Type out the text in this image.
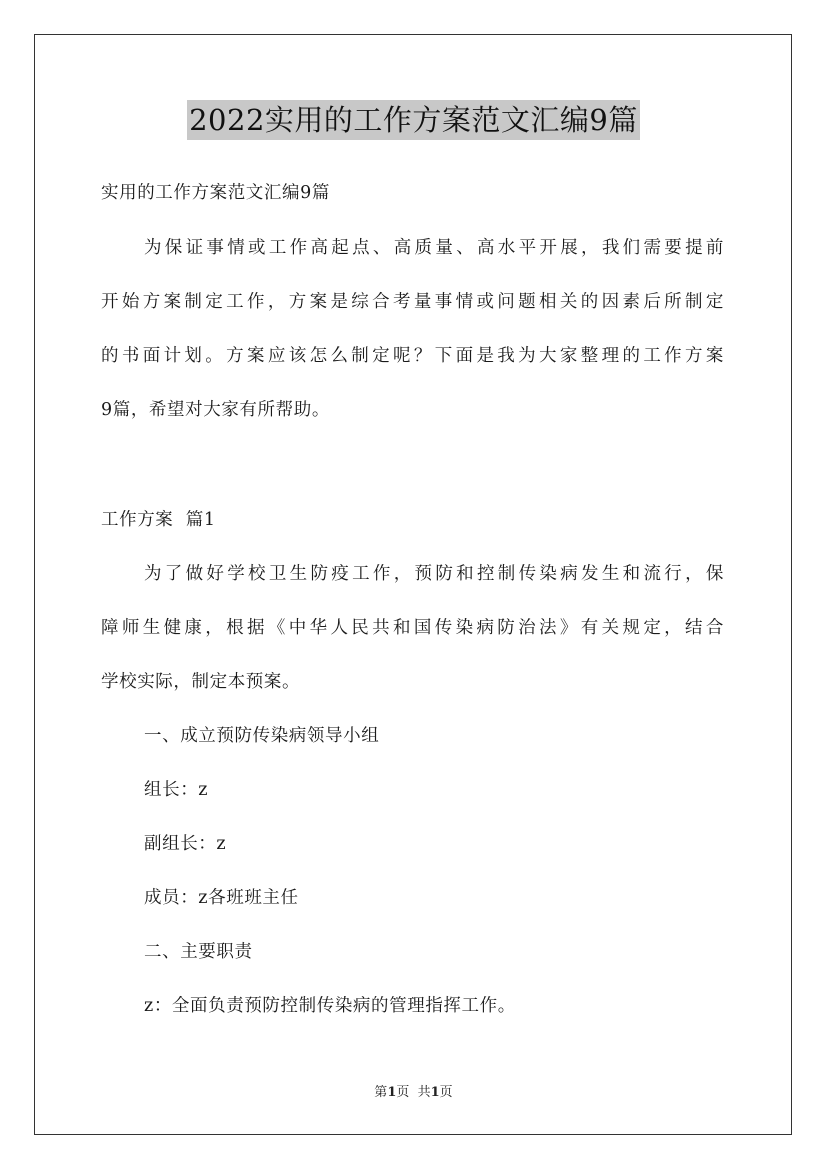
2022实用的工作方案范文汇编9篇
实用的工作方案范文汇编9篇
为保证事情或工作高起点、高质量、高水平开展，我们需要提前
开始方案制定工作，方案是综合考量事情或问题相关的因素后所制定
的书面计划。方案应该怎么制定呢？下面是我为大家整理的工作方案
9篇，希望对大家有所帮助。
工作方案  篇1
为了做好学校卫生防疫工作，预防和控制传染病发生和流行，保
障师生健康，根据《中华人民共和国传染病防治法》有关规定，结合
学校实际，制定本预案。
一、成立预防传染病领导小组
组长：z
副组长：z
成员：z各班班主任
二、主要职责
z：全面负责预防控制传染病的管理指挥工作。
第1页  共1页
